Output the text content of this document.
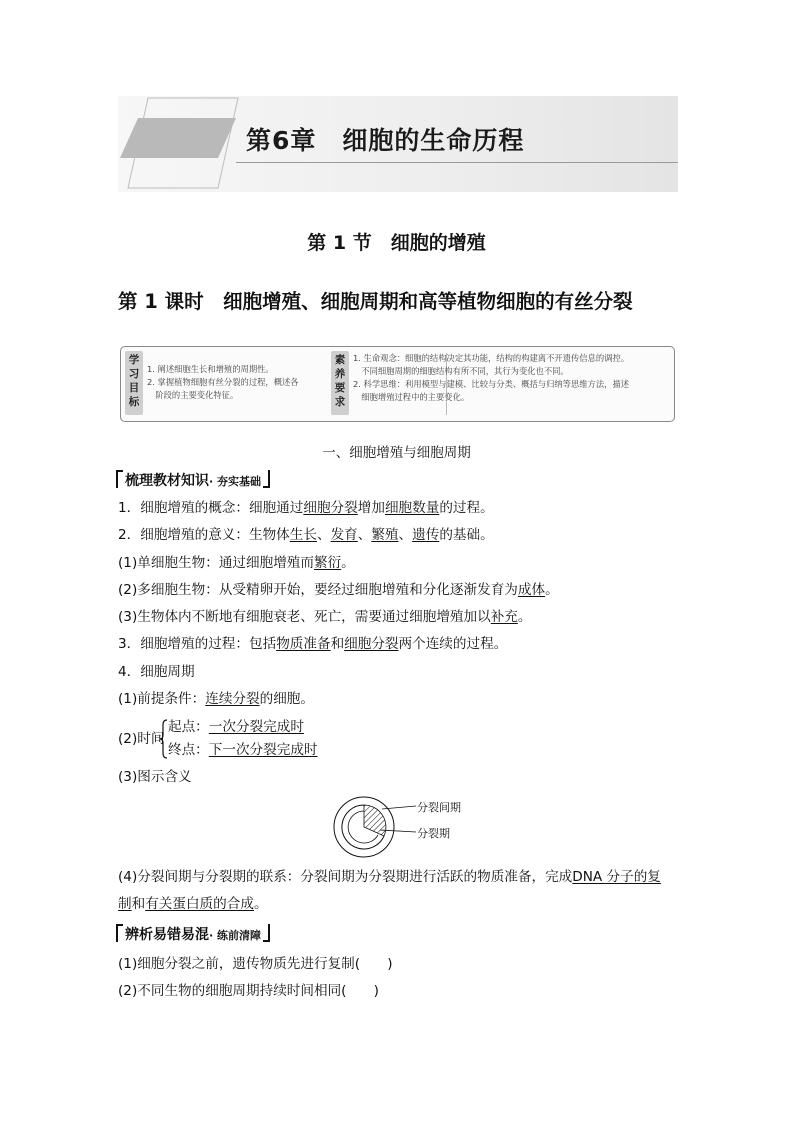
Chapter 6	第6章　细胞的生命历程
第 1 节　细胞的增殖
第 1 课时　细胞增殖、细胞周期和高等植物细胞的有丝分裂
学习目标
1. 阐述细胞生长和增殖的周期性。
2. 掌握植物细胞有丝分裂的过程，概述各
　阶段的主要变化特征。
素养要求
1. 生命观念：细胞的结构决定其功能，结构的构建离不开遗传信息的调控。
　不同细胞周期的细胞结构有所不同，其行为变化也不同。
2. 科学思维：利用模型与建模、比较与分类、概括与归纳等思维方法，描述
　细胞增殖过程中的主要变化。
一、细胞增殖与细胞周期
梳理教材知识· 夯实基础
1．细胞增殖的概念：细胞通过细胞分裂增加细胞数量的过程。
2．细胞增殖的意义：生物体生长、发育、繁殖、遗传的基础。
(1)单细胞生物：通过细胞增殖而繁衍。
(2)多细胞生物：从受精卵开始，要经过细胞增殖和分化逐渐发育为成体。
(3)生物体内不断地有细胞衰老、死亡，需要通过细胞增殖加以补充。
3．细胞增殖的过程：包括物质准备和细胞分裂两个连续的过程。
4．细胞周期
(1)前提条件：连续分裂的细胞。
(2)时间
起点：一次分裂完成时
终点：下一次分裂完成时
(3)图示含义
分裂间期
分裂期
(4)分裂间期与分裂期的联系：分裂间期为分裂期进行活跃的物质准备，完成DNA 分子的复
制和有关蛋白质的合成。
辨析易错易混· 练前清障
(1)细胞分裂之前，遗传物质先进行复制(　　)
(2)不同生物的细胞周期持续时间相同(　　)
